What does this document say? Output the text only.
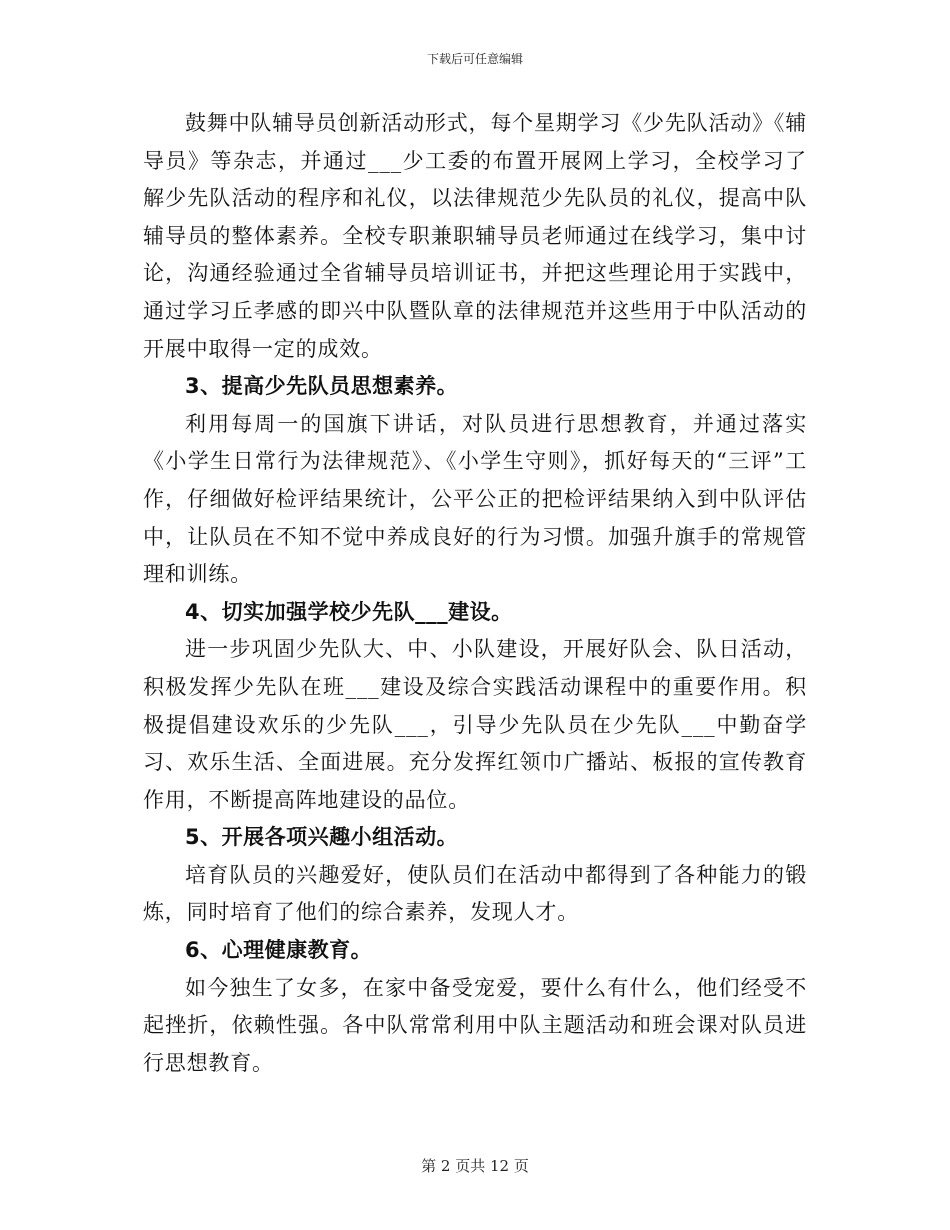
下载后可任意编辑

鼓舞中队辅导员创新活动形式，每个星期学习《少先队活动》《辅导员》等杂志，并通过___少工委的布置开展网上学习，全校学习了解少先队活动的程序和礼仪，以法律规范少先队员的礼仪，提高中队辅导员的整体素养。全校专职兼职辅导员老师通过在线学习，集中讨论，沟通经验通过全省辅导员培训证书，并把这些理论用于实践中，通过学习丘孝感的即兴中队暨队章的法律规范并这些用于中队活动的开展中取得一定的成效。

3、提高少先队员思想素养。

利用每周一的国旗下讲话，对队员进行思想教育，并通过落实《小学生日常行为法律规范》、《小学生守则》，抓好每天的“三评”工作，仔细做好检评结果统计，公平公正的把检评结果纳入到中队评估中，让队员在不知不觉中养成良好的行为习惯。加强升旗手的常规管理和训练。

4、切实加强学校少先队___建设。

进一步巩固少先队大、中、小队建设，开展好队会、队日活动，积极发挥少先队在班___建设及综合实践活动课程中的重要作用。积极提倡建设欢乐的少先队___，引导少先队员在少先队___中勤奋学习、欢乐生活、全面进展。充分发挥红领巾广播站、板报的宣传教育作用，不断提高阵地建设的品位。

5、开展各项兴趣小组活动。

培育队员的兴趣爱好，使队员们在活动中都得到了各种能力的锻炼，同时培育了他们的综合素养，发现人才。

6、心理健康教育。

如今独生了女多，在家中备受宠爱，要什么有什么，他们经受不起挫折，依赖性强。各中队常常利用中队主题活动和班会课对队员进行思想教育。

第 2 页共 12 页
